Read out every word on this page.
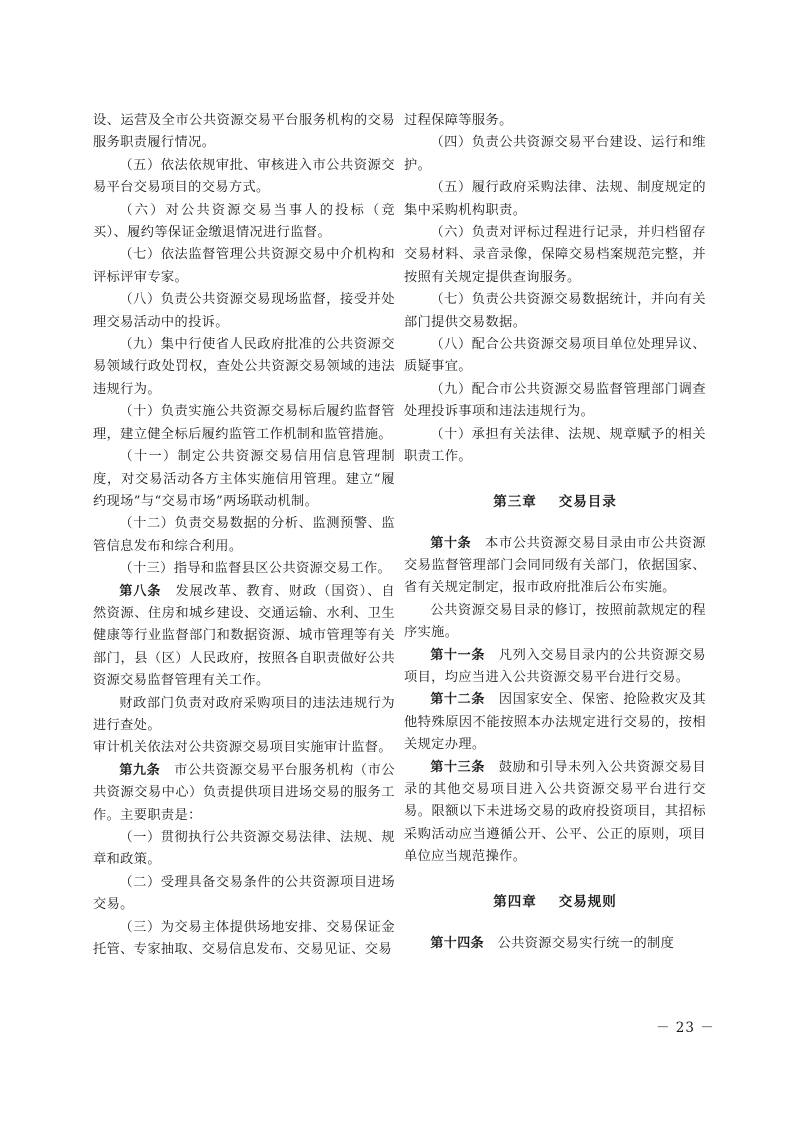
设、运营及全市公共资源交易平台服务机构的交易服务职责履行情况。

（五）依法依规审批、审核进入市公共资源交易平台交易项目的交易方式。

（六）对公共资源交易当事人的投标（竞买）、履约等保证金缴退情况进行监督。

（七）依法监督管理公共资源交易中介机构和评标评审专家。

（八）负责公共资源交易现场监督，接受并处理交易活动中的投诉。

（九）集中行使省人民政府批准的公共资源交易领域行政处罚权，查处公共资源交易领域的违法违规行为。

（十）负责实施公共资源交易标后履约监督管理，建立健全标后履约监管工作机制和监管措施。

（十一）制定公共资源交易信用信息管理制度，对交易活动各方主体实施信用管理。建立“履约现场”与“交易市场”两场联动机制。

（十二）负责交易数据的分析、监测预警、监管信息发布和综合利用。

（十三）指导和监督县区公共资源交易工作。

第八条　 发展改革、教育、财政（国资）、自然资源、住房和城乡建设、交通运输、水利、卫生健康等行业监督部门和数据资源、城市管理等有关部门，县（区）人民政府，按照各自职责做好公共资源交易监督管理有关工作。

财政部门负责对政府采购项目的违法违规行为进行查处。

审计机关依法对公共资源交易项目实施审计监督。

第九条　 市公共资源交易平台服务机构（市公共资源交易中心）负责提供项目进场交易的服务工作。主要职责是：

（一）贯彻执行公共资源交易法律、法规、规章和政策。

（二）受理具备交易条件的公共资源项目进场交易。

（三）为交易主体提供场地安排、交易保证金托管、专家抽取、交易信息发布、交易见证、交易

过程保障等服务。

（四）负责公共资源交易平台建设、运行和维护。

（五）履行政府采购法律、法规、制度规定的集中采购机构职责。

（六）负责对评标过程进行记录，并归档留存交易材料、录音录像，保障交易档案规范完整，并按照有关规定提供查询服务。

（七）负责公共资源交易数据统计，并向有关部门提供交易数据。

（八）配合公共资源交易项目单位处理异议、质疑事宜。

（九）配合市公共资源交易监督管理部门调查处理投诉事项和违法违规行为。

（十）承担有关法律、法规、规章赋予的相关职责工作。

第三章 交易目录

第十条　 本市公共资源交易目录由市公共资源交易监督管理部门会同同级有关部门，依据国家、省有关规定制定，报市政府批准后公布实施。

公共资源交易目录的修订，按照前款规定的程序实施。

第十一条　 凡列入交易目录内的公共资源交易项目，均应当进入公共资源交易平台进行交易。

第十二条　 因国家安全、保密、抢险救灾及其他特殊原因不能按照本办法规定进行交易的，按相关规定办理。

第十三条　 鼓励和引导未列入公共资源交易目录的其他交易项目进入公共资源交易平台进行交易。限额以下未进场交易的政府投资项目，其招标采购活动应当遵循公开、公平、公正的原则，项目单位应当规范操作。

第四章 交易规则

第十四条　 公共资源交易实行统一的制度

－ 23 －
